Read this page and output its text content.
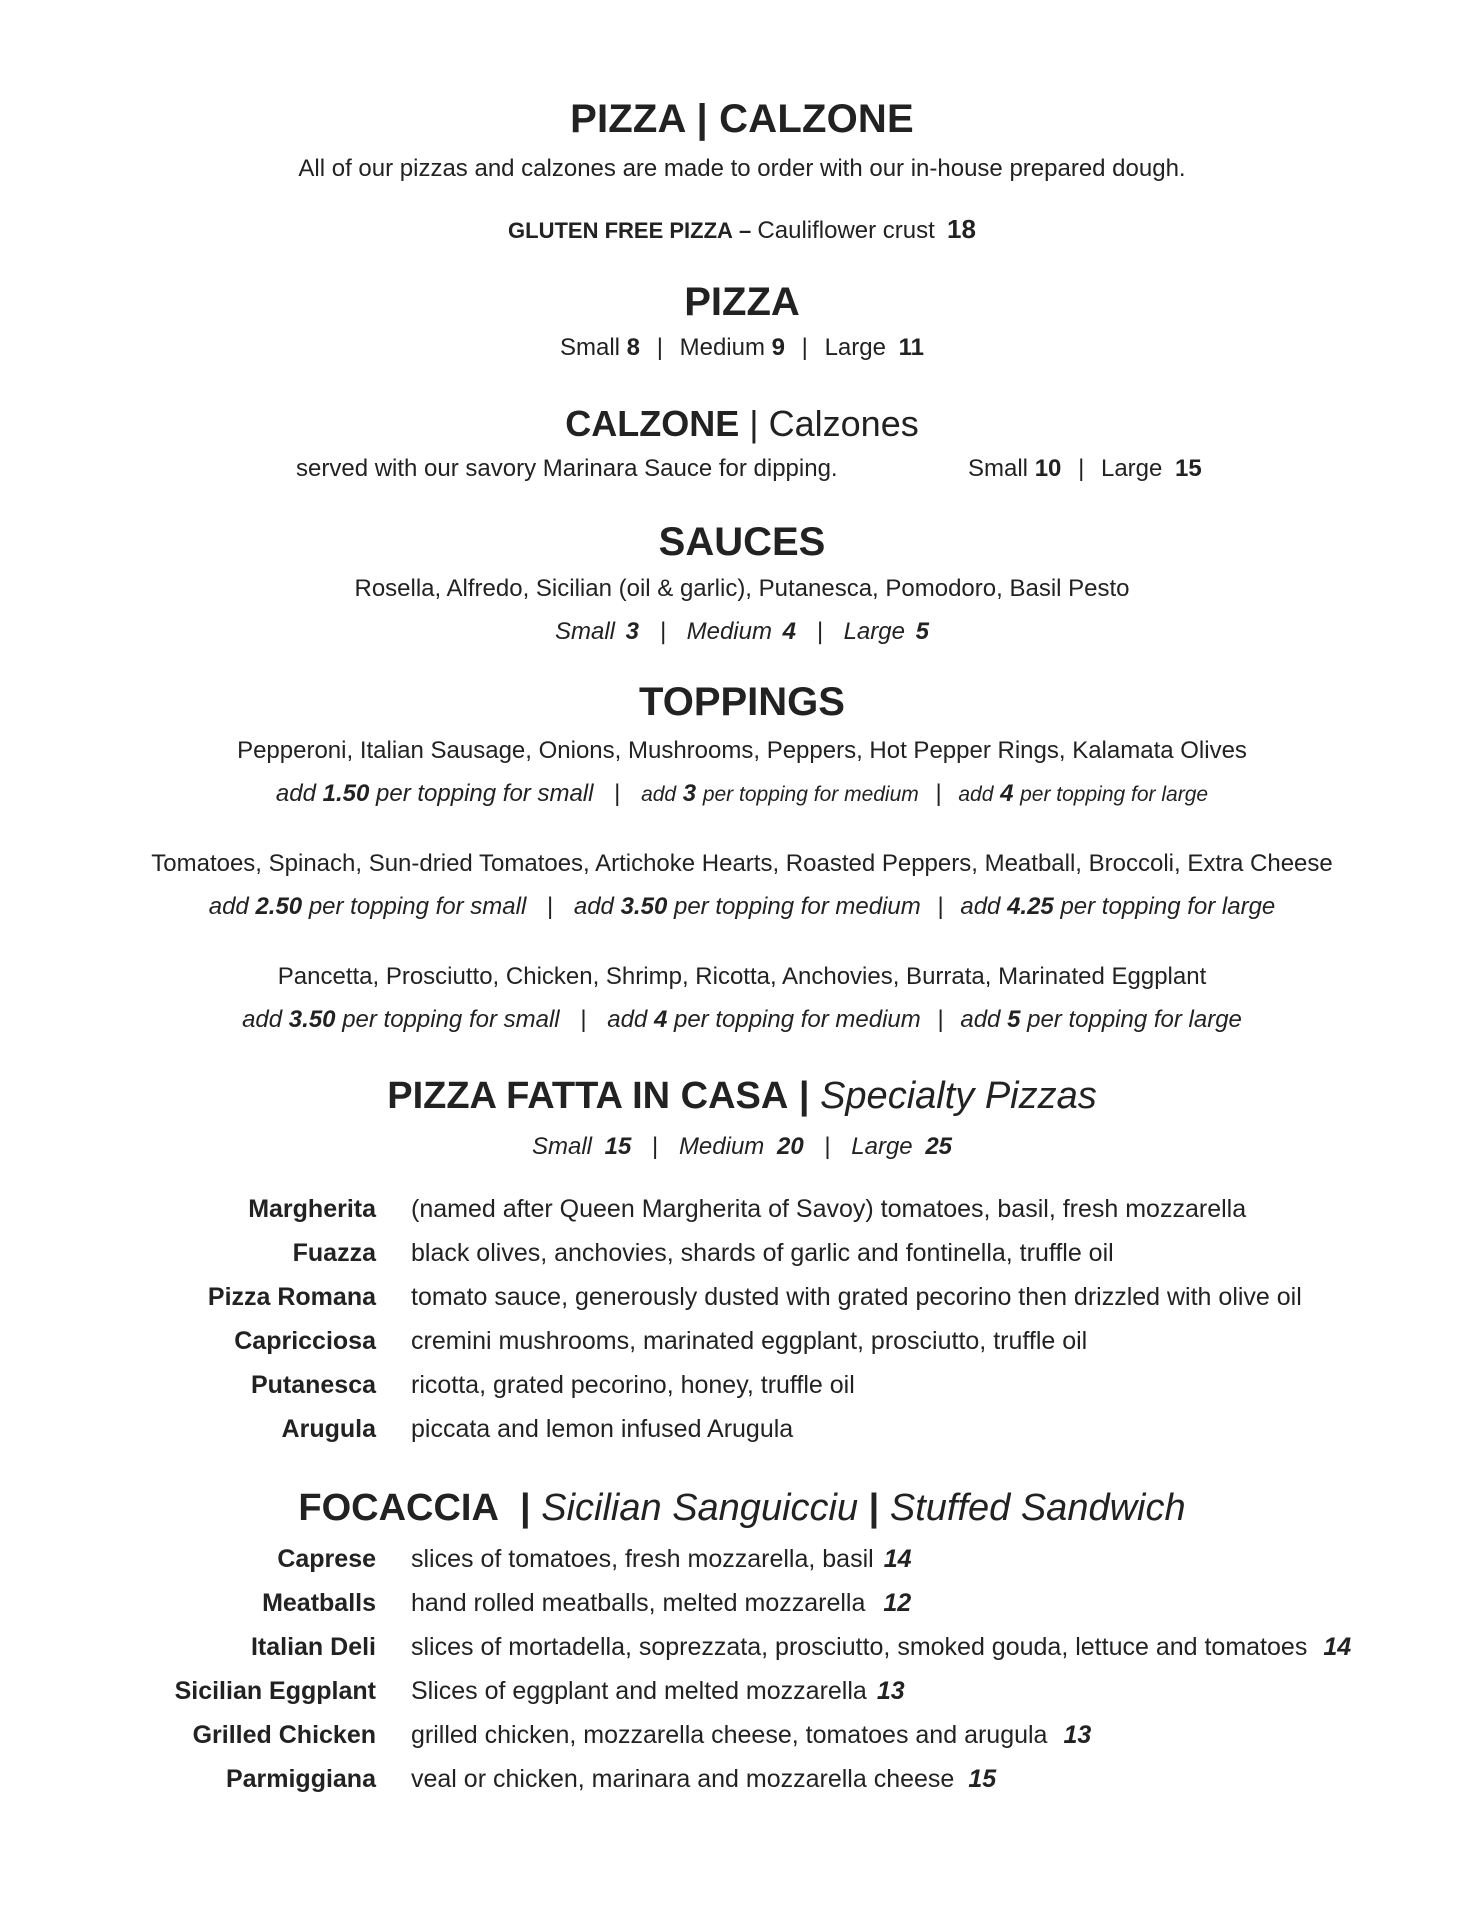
PIZZA | CALZONE
All of our pizzas and calzones are made to order with our in-house prepared dough.
GLUTEN FREE PIZZA – Cauliflower crust 18
PIZZA
Small 8 | Medium 9 | Large 11
CALZONE | Calzones
served with our savory Marinara Sauce for dipping.	Small 10 | Large 15
SAUCES
Rosella, Alfredo, Sicilian (oil & garlic), Putanesca, Pomodoro, Basil Pesto
Small 3 | Medium 4 | Large 5
TOPPINGS
Pepperoni, Italian Sausage, Onions, Mushrooms, Peppers, Hot Pepper Rings, Kalamata Olives
add 1.50 per topping for small | add 3 per topping for medium | add 4 per topping for large
Tomatoes, Spinach, Sun-dried Tomatoes, Artichoke Hearts, Roasted Peppers, Meatball, Broccoli, Extra Cheese
add 2.50 per topping for small | add 3.50 per topping for medium | add 4.25 per topping for large
Pancetta, Prosciutto, Chicken, Shrimp, Ricotta, Anchovies, Burrata, Marinated Eggplant
add 3.50 per topping for small | add 4 per topping for medium | add 5 per topping for large
PIZZA FATTA IN CASA | Specialty Pizzas
Small 15 | Medium 20 | Large 25
Margherita (named after Queen Margherita of Savoy) tomatoes, basil, fresh mozzarella
Fuazza black olives, anchovies, shards of garlic and fontinella, truffle oil
Pizza Romana tomato sauce, generously dusted with grated pecorino then drizzled with olive oil
Capricciosa cremini mushrooms, marinated eggplant, prosciutto, truffle oil
Putanesca ricotta, grated pecorino, honey, truffle oil
Arugula piccata and lemon infused Arugula
FOCACCIA | Sicilian Sanguicciu | Stuffed Sandwich
Caprese slices of tomatoes, fresh mozzarella, basil 14
Meatballs hand rolled meatballs, melted mozzarella 12
Italian Deli slices of mortadella, soprezzata, prosciutto, smoked gouda, lettuce and tomatoes 14
Sicilian Eggplant Slices of eggplant and melted mozzarella 13
Grilled Chicken grilled chicken, mozzarella cheese, tomatoes and arugula 13
Parmiggiana veal or chicken, marinara and mozzarella cheese 15
